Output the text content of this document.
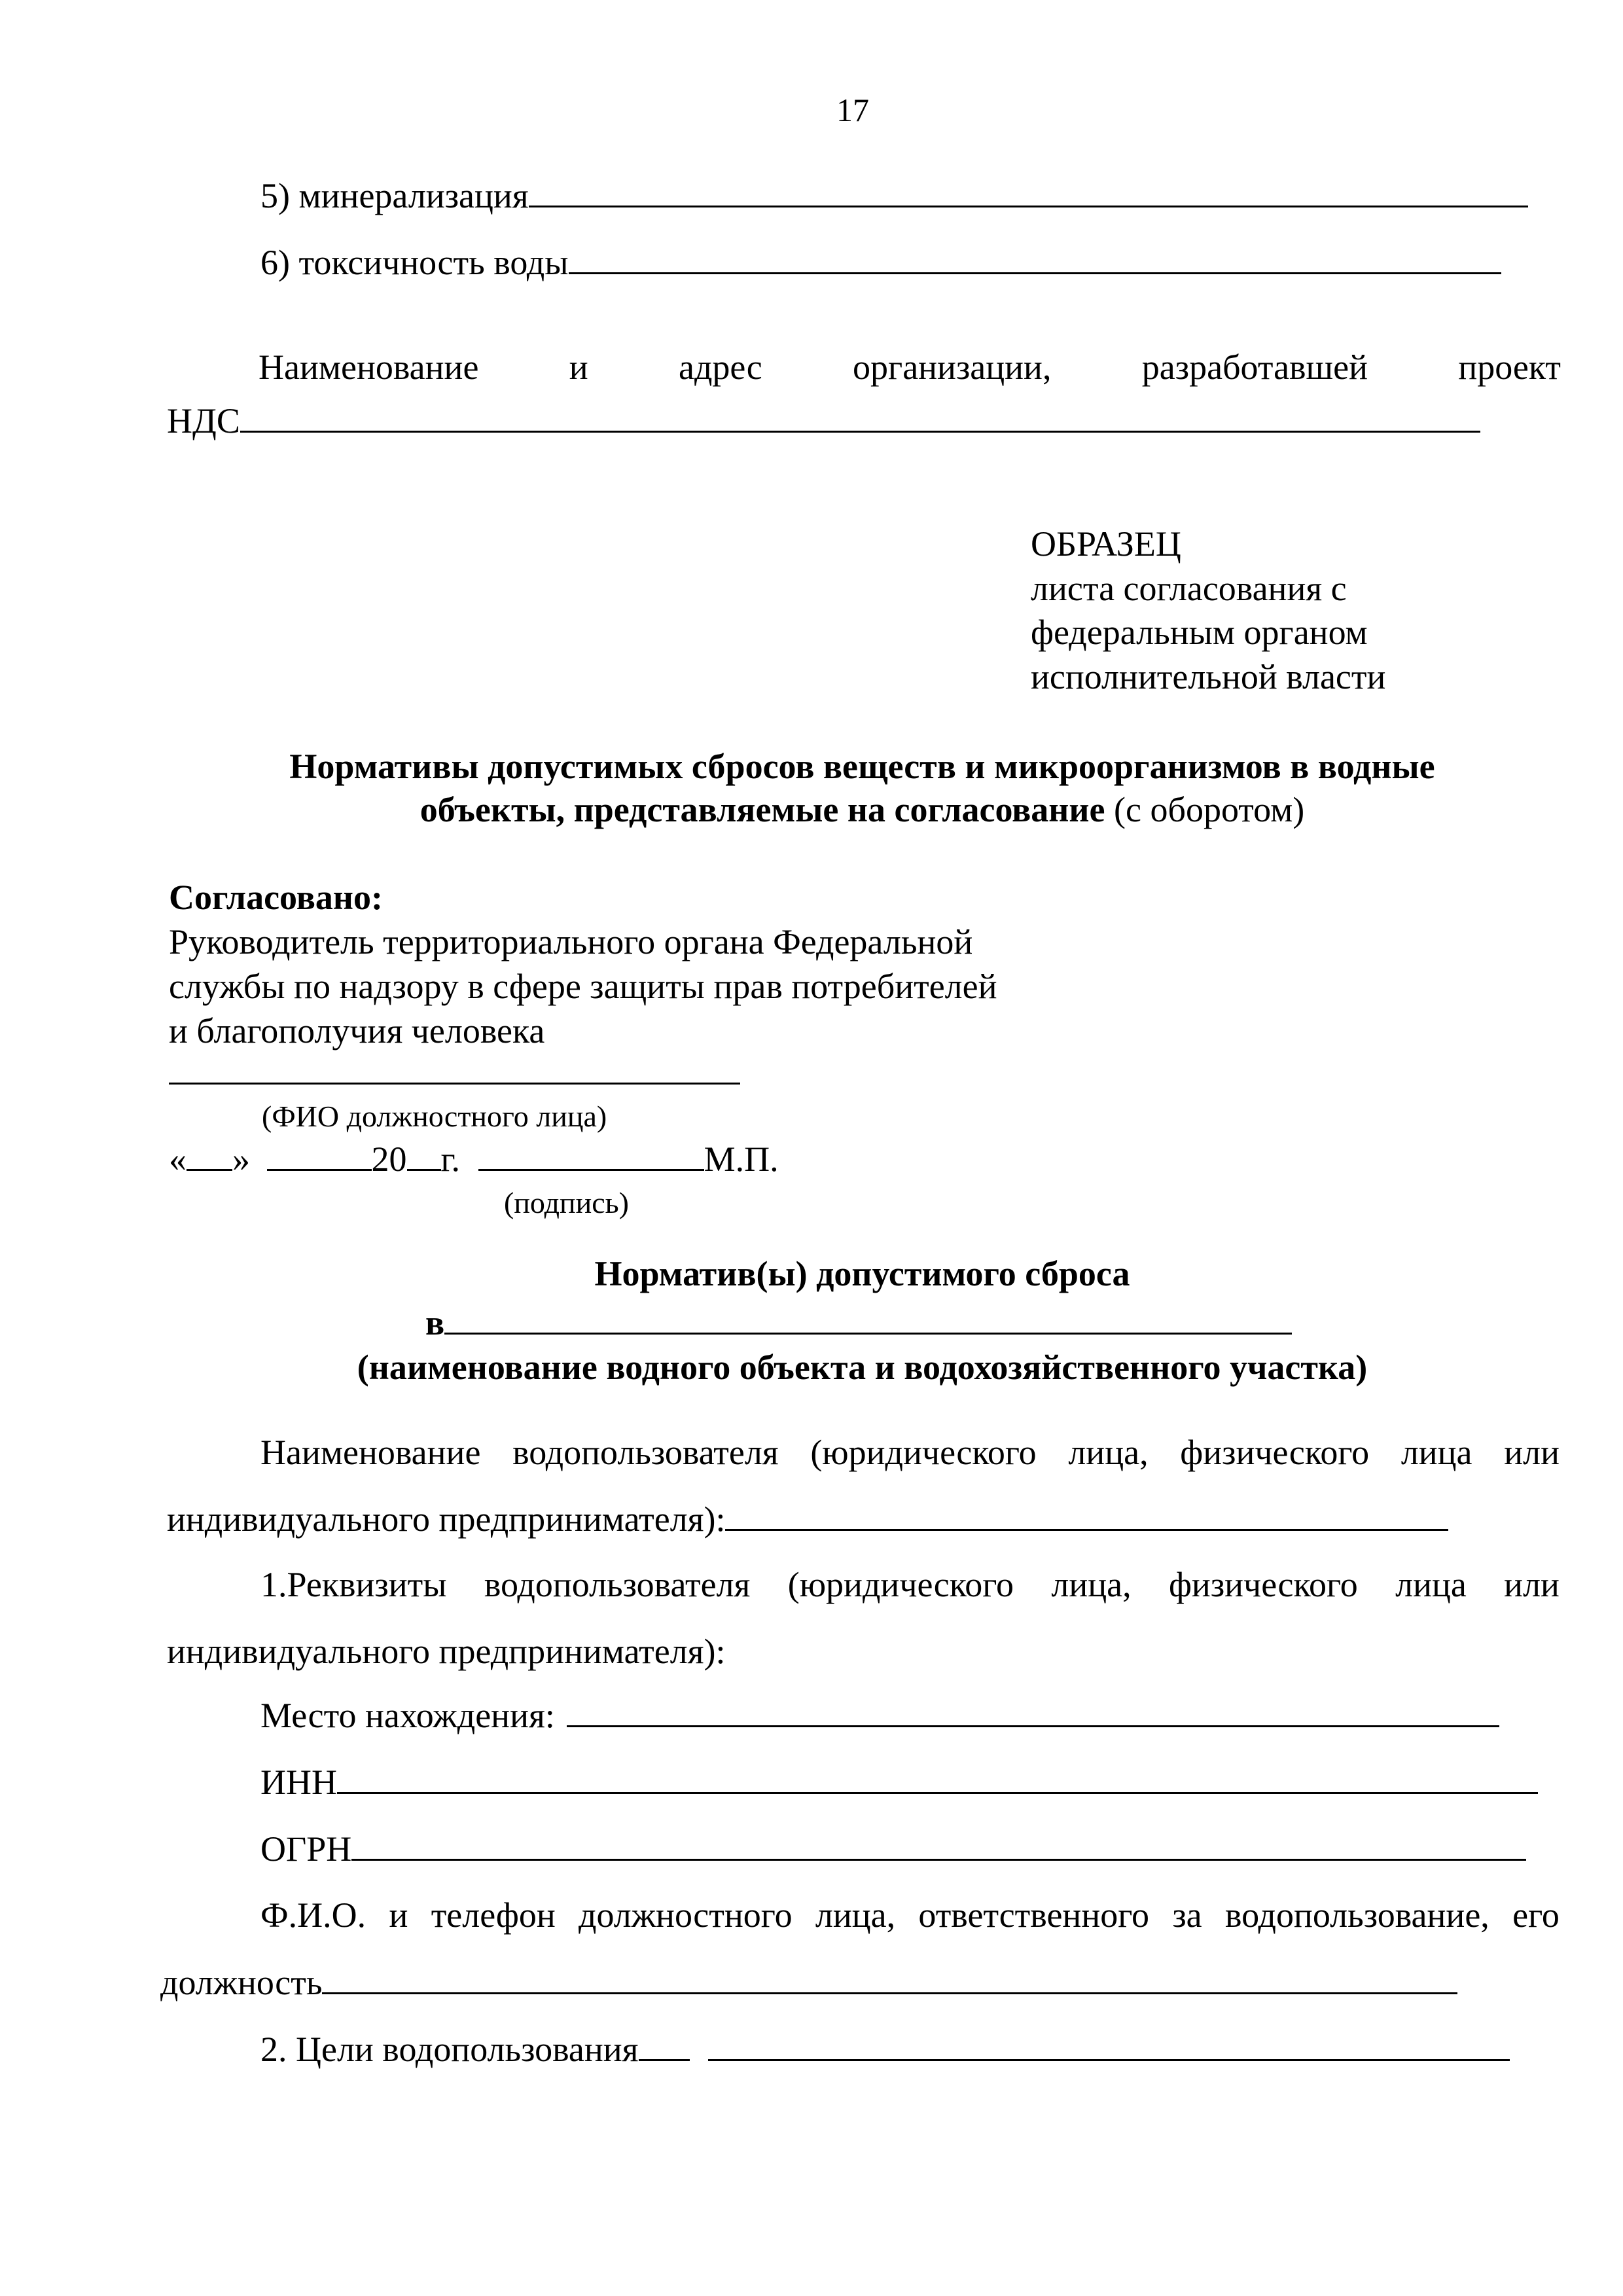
17
5) минерализация
6) токсичность воды
Наименование	и	адрес	организации,	разработавшей	проект
НДС
ОБРАЗЕЦ
листа согласования с
федеральным органом
исполнительной власти
Нормативы допустимых сбросов веществ и микроорганизмов в водные
объекты, представляемые на согласование (с оборотом)
Согласовано:
Руководитель территориального органа Федеральной
службы по надзору в сфере защиты прав потребителей
и благополучия человека
(ФИО должностного лица)
« »	20 г.	М.П.
(подпись)
Норматив(ы) допустимого сброса
в
(наименование водного объекта и водохозяйственного участка)
Наименование водопользователя (юридического лица, физического лица или
индивидуального предпринимателя):
1.Реквизиты водопользователя (юридического лица, физического лица или
индивидуального предпринимателя):
Место нахождения:
ИНН
ОГРН
Ф.И.О. и телефон должностного лица, ответственного за водопользование, его
должность
2. Цели водопользования
